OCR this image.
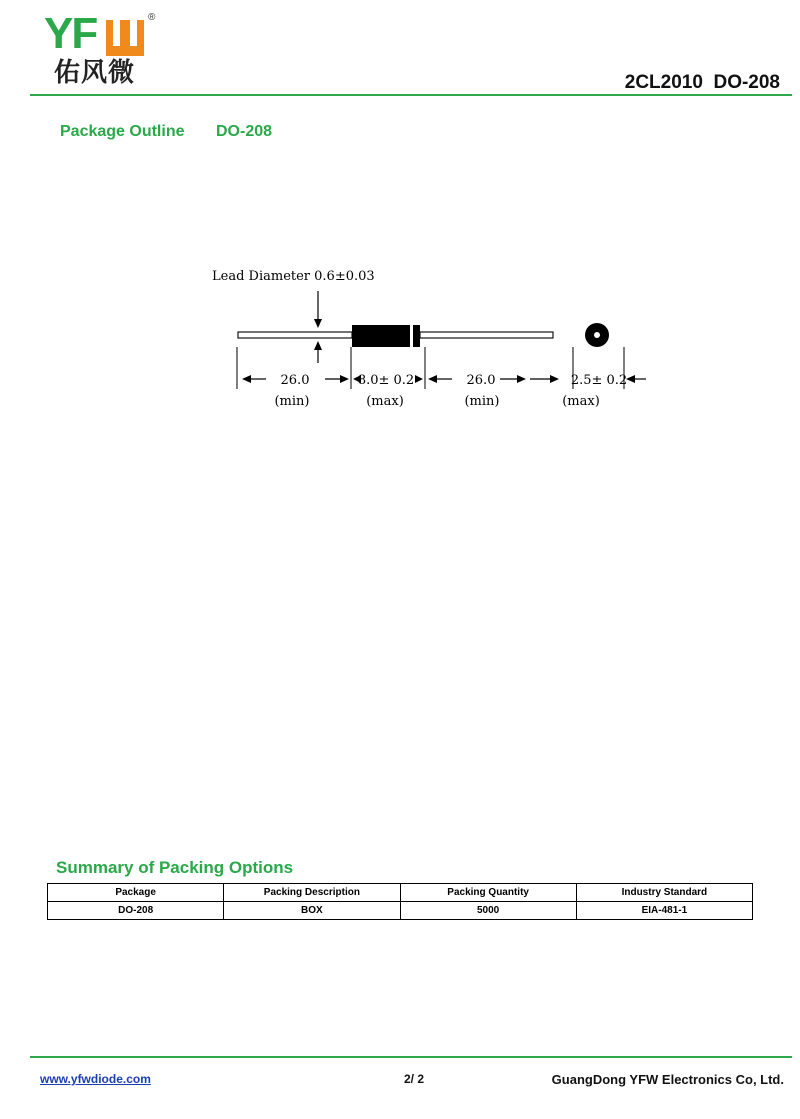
YF	®
佑风微	2CL2010  DO-208
Package Outline DO-208
Lead Diameter 0.6±0.03
26.0
(min)
8.0± 0.2
(max)
26.0
(min)
2.5± 0.2
(max)
Summary of Packing Options
Package	Packing Description	Packing Quantity	Industry Standard
DO-208	BOX	5000	EIA-481-1
www.yfwdiode.com	2/ 2	GuangDong YFW Electronics Co, Ltd.
